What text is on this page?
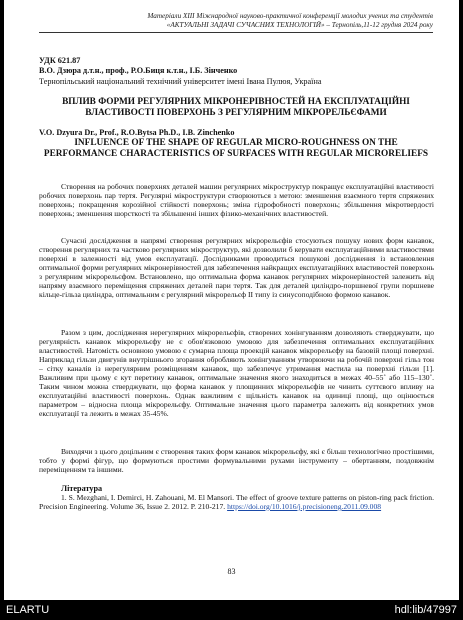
Матеріали XIII Міжнародної науково-практичної конференції молодих учених та студентів
«АКТУАЛЬНІ ЗАДАЧІ СУЧАСНИХ ТЕХНОЛОГІЙ» – Тернопіль,11-12 грудня 2024 року
УДК 621.87
В.О. Дзюра д.т.н., проф., Р.О.Биця к.т.н., І.Б. Зінченко
Тернопільський національний технічний університет імені Івана Пулюя, Україна
ВПЛИВ ФОРМИ РЕГУЛЯРНИХ МІКРОНЕРІВНОСТЕЙ НА ЕКСПЛУАТАЦІЙНІ ВЛАСТИВОСТІ ПОВЕРХОНЬ З РЕГУЛЯРНИМ МІКРОРЕЛЬЄФАМИ
V.O. Dzyura Dr., Prof., R.O.Bytsa Ph.D., I.B. Zinchenko
INFLUENCE OF THE SHAPE OF REGULAR MICRO-ROUGHNESS ON THE PERFORMANCE CHARACTERISTICS OF SURFACES WITH REGULAR MICRORELIEFS
Створення на робочих поверхнях деталей машин регулярних мікроструктур покращує експлуатаційні властивості робочих поверхонь пар тертя. Регулярні мікроструктури створюються з метою: зменшення взаємного тертя спряжених поверхонь; покращення корозійної стійкості поверхонь; зміна гідрофобності поверхонь; збільшення мікротвердості поверхонь; зменшення шорсткості та збільшенні інших фізико-механічних властивостей.
Сучасні дослідження в напрямі створення регулярних мікрорельєфів стосуються пошуку нових форм канавок, створення регулярних та частково регулярних мікроструктур, які дозволили б керувати експлуатаційними властивостями поверхні в залежності від умов експлуатації. Дослідниками проводиться пошукові дослідження із встановлення оптимальної форми регулярних мікронерівностей для забезпечення найкращих експлуатаційних властивостей поверхонь з регулярним мікрорельєфом. Встановлено, що оптимальна форма канавок регулярних мікронерівностей залежить від напряму взаємного переміщення спряжених деталей пари тертя. Так для деталей циліндро-поршневої групи поршневе кільце-гільза циліндра, оптимальним є регулярний мікрорельєф II типу із синусоподібною формою канавок.
Разом з цим, дослідження нерегулярних мікрорельєфів, створених хонінгуванням дозволяють стверджувати, що регулярність канавок мікрорельєфу не є обов'язковою умовою для забезпечення оптимальних експлуатаційних властивостей. Натомість основною умовою є сумарна площа проекцій канавок мікрорельєфу на базовій площі поверхні. Наприклад гільзи двигунів внутрішнього згорання обробляють хонінгуванням утворюючи на робочій поверхні гільз тон – сітку каналів із нерегулярним розміщенням канавок, що забезпечує утримання мастила на поверхні гільзи [1]. Важливим при цьому є кут перетину канавок, оптимальне значення якого знаходиться в межах 40–55˚ або 115–130˚. Таким чином можна стверджувати, що форма канавок у площинних мікрорельєфів не чинить суттєвого впливу на експлуатаційні властивості поверхонь. Однак важливим є щільність канавок на одиниці площі, що оцінюється параметром – відносна площа мікрорельєфу. Оптимальне значення цього параметра залежить від конкретних умов експлуатації та лежить в межах 35-45%.
Виходячи з цього доцільним є створення таких форм канавок мікрорельєфу, які є більш технологічно простішими, тобто у формі фігур, що формуються простими формувальними рухами інструменту – обертанням, поздовжнім переміщенням та іншими.
Література
1. S. Mezghani, I. Demirci, H. Zahouani, M. El Mansori. The effect of groove texture patterns on piston-ring pack friction. Precision Engineering. Volume 36, Issue 2. 2012. P. 210-217. https://doi.org/10.1016/j.precisioneng.2011.09.008
83
ELARTU	hdl:lib/47997
